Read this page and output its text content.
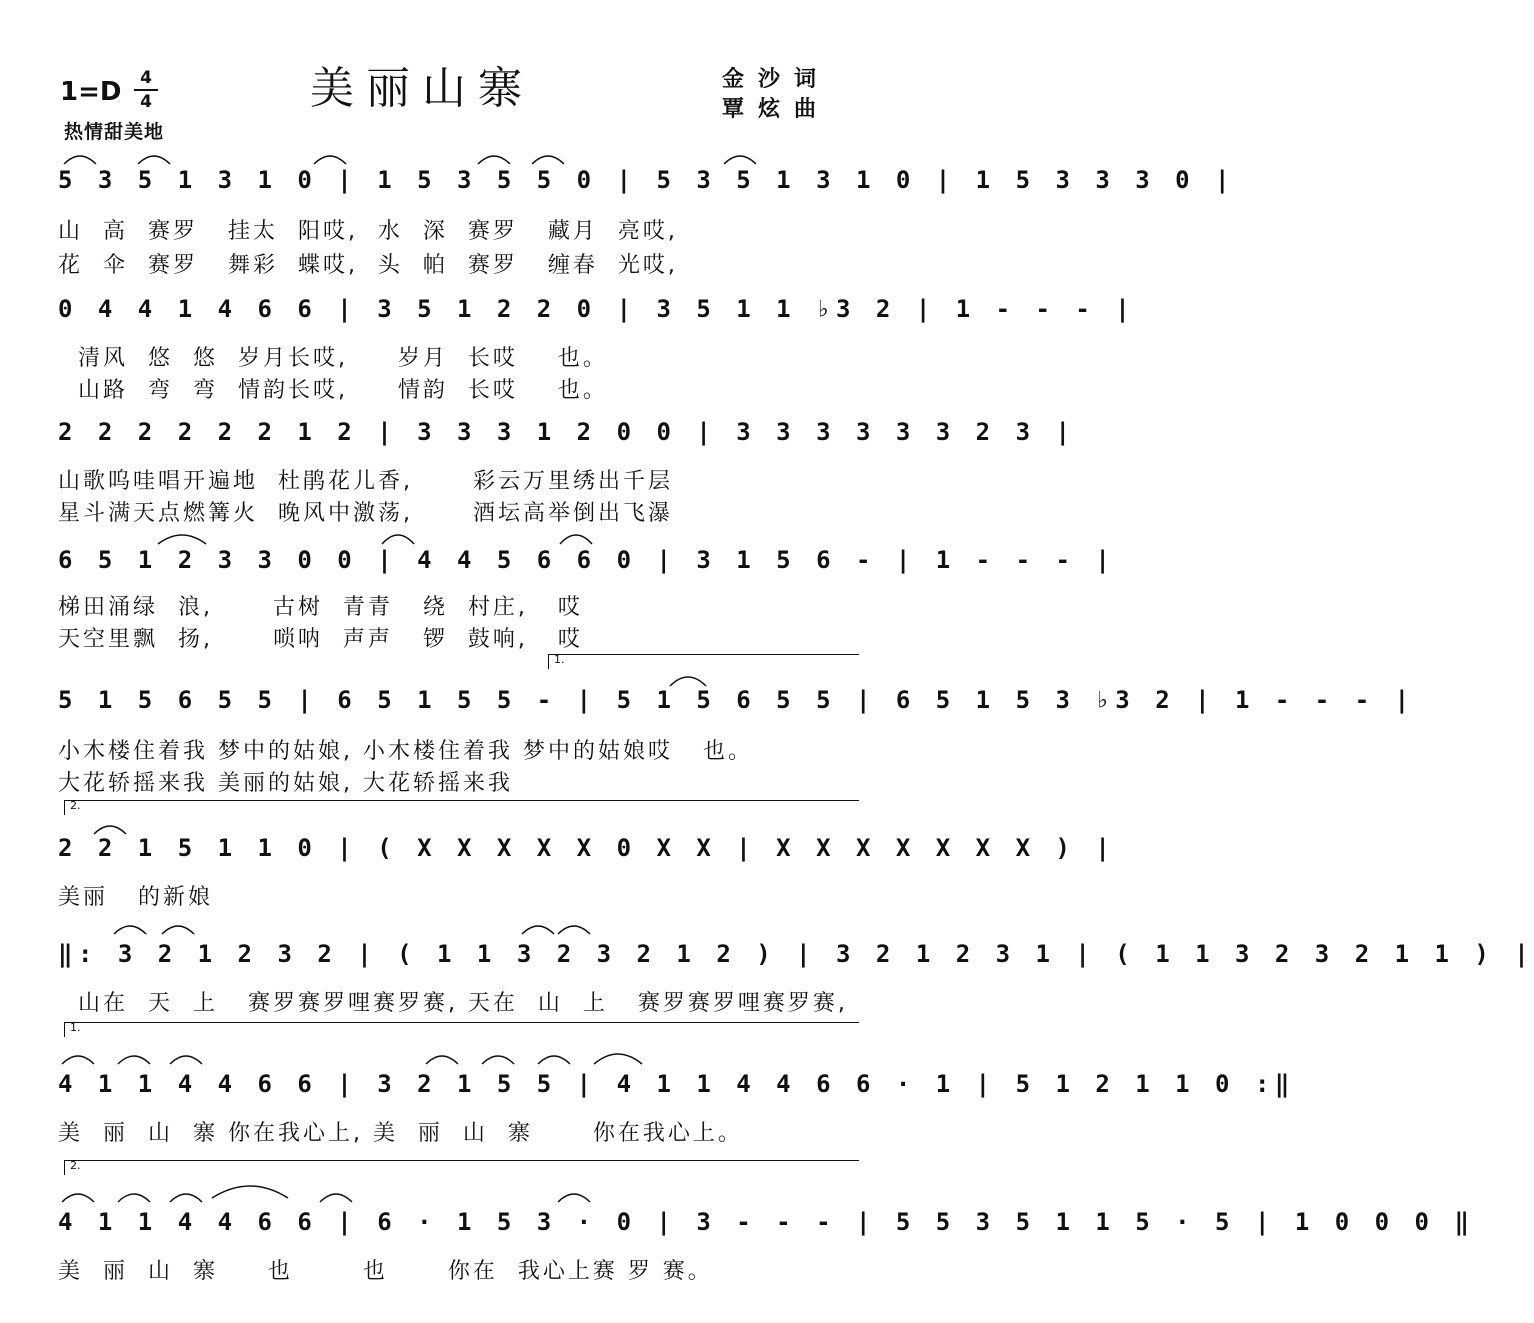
美丽山寨
1=D	4
4
热情甜美地
金沙词
覃炫曲
5 3 5 1 3 1 0 | 1 5 3 5 5 0 | 5 3 5 1 3 1 0 | 1 5 3 3 3 0 |
山  高  赛罗   挂太  阳哎,  水  深  赛罗   藏月  亮哎,
花  伞  赛罗   舞彩  蝶哎,  头  帕  赛罗   缠春  光哎,
0 4 4 1 4 6 6 | 3 5 1 2 2 0 | 3 5 1 1 ♭3 2 | 1 - - - |
清风  悠  悠  岁月长哎,     岁月  长哎    也。
山路  弯  弯  情韵长哎,     情韵  长哎    也。
2 2 2 2 2 2 1 2 | 3 3 3 1 2 0 0 | 3 3 3 3 3 3 2 3 |
山歌呜哇唱开遍地  杜鹃花儿香,      彩云万里绣出千层
星斗满天点燃篝火  晚风中激荡,      酒坛高举倒出飞瀑
6 5 1 2 3 3 0 0 | 4 4 5 6 6 0 | 3 1 5 6 - | 1 - - - |
梯田涌绿  浪,      古树  青青   绕  村庄,   哎
天空里飘  扬,      唢呐  声声   锣  鼓响,   哎
1.
5 1 5 6 5 5 | 6 5 1 5 5 - | 5 1 5 6 5 5 | 6 5 1 5 3 ♭3 2 | 1 - - - |
小木楼住着我 梦中的姑娘, 小木楼住着我 梦中的姑娘哎   也。
大花轿摇来我 美丽的姑娘, 大花轿摇来我
2.
2 2 1 5 1 1 0 | ( X X X X X 0 X X | X X X X X X X ) |
美丽   的新娘
‖: 3 2 1 2 3 2 | ( 1 1 3 2 3 2 1 2 ) | 3 2 1 2 3 1 | ( 1 1 3 2 3 2 1 1 ) |
山在  天  上   赛罗赛罗哩赛罗赛, 天在  山  上   赛罗赛罗哩赛罗赛,
1.
4 1 1 4 4 6 6 | 3 2 1 5 5 | 4 1 1 4 4 6 6 · 1 | 5 1 2 1 1 0 :‖
美  丽  山  寨 你在我心上, 美  丽  山  寨      你在我心上。
2.
4 1 1 4 4 6 6 | 6 · 1 5 3 · 0 | 3 - - - | 5 5 3 5 1 1 5 · 5 | 1 0 0 0 ‖
美  丽  山  寨     也       也      你在  我心上赛 罗 赛。
